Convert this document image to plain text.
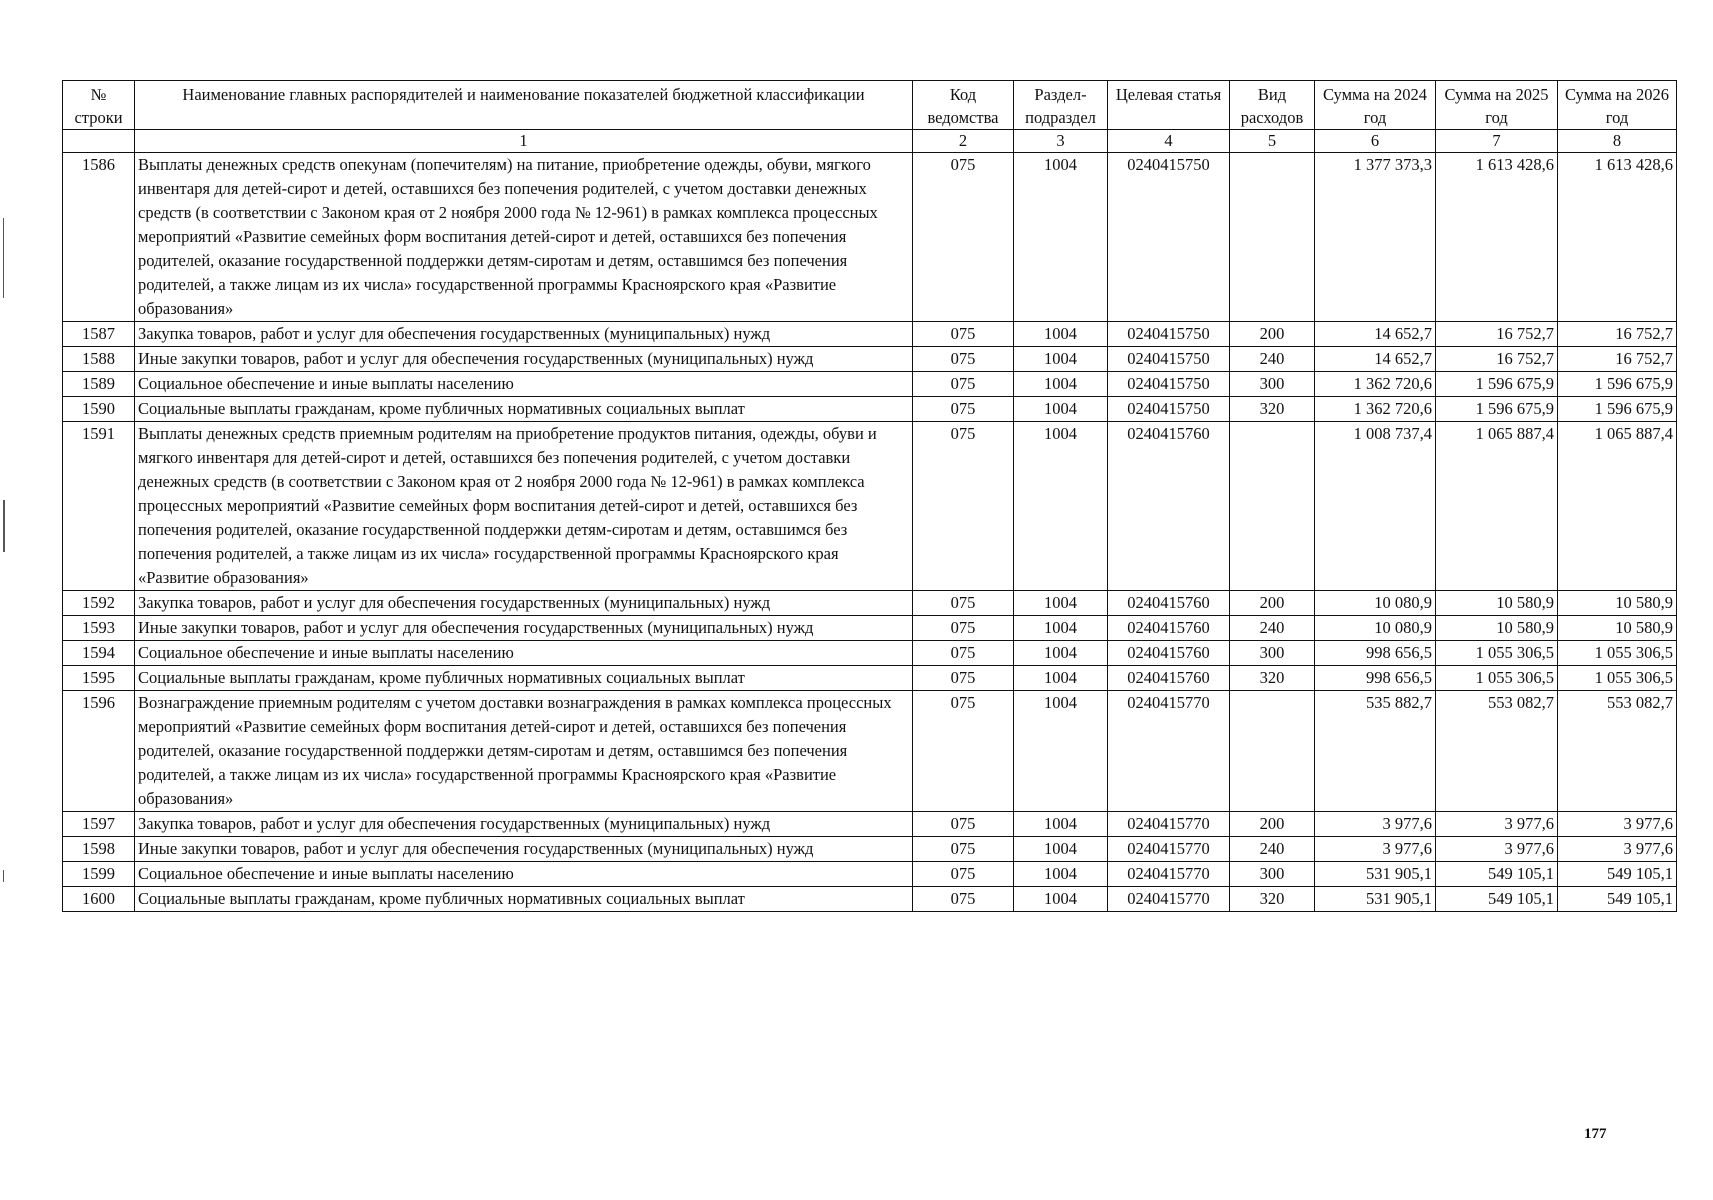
№ строки	Наименование главных распорядителей и наименование показателей бюджетной классификации	Код ведомства	Раздел-подраздел	Целевая статья	Вид расходов	Сумма на 2024 год	Сумма на 2025 год	Сумма на 2026 год
	1	2	3	4	5	6	7	8
1586	Выплаты денежных средств опекунам (попечителям) на питание, приобретение одежды, обуви, мягкого инвентаря для детей-сирот и детей, оставшихся без попечения родителей, с учетом доставки денежных средств (в соответствии с Законом края от 2 ноября 2000 года № 12-961) в рамках комплекса процессных мероприятий «Развитие семейных форм воспитания детей-сирот и детей, оставшихся без попечения родителей, оказание государственной поддержки детям-сиротам и детям, оставшимся без попечения родителей, а также лицам из их числа» государственной программы Красноярского края «Развитие образования»	075	1004	0240415750		1 377 373,3	1 613 428,6	1 613 428,6
1587	Закупка товаров, работ и услуг для обеспечения государственных (муниципальных) нужд	075	1004	0240415750	200	14 652,7	16 752,7	16 752,7
1588	Иные закупки товаров, работ и услуг для обеспечения государственных (муниципальных) нужд	075	1004	0240415750	240	14 652,7	16 752,7	16 752,7
1589	Социальное обеспечение и иные выплаты населению	075	1004	0240415750	300	1 362 720,6	1 596 675,9	1 596 675,9
1590	Социальные выплаты гражданам, кроме публичных нормативных социальных выплат	075	1004	0240415750	320	1 362 720,6	1 596 675,9	1 596 675,9
1591	Выплаты денежных средств приемным родителям на приобретение продуктов питания, одежды, обуви и мягкого инвентаря для детей-сирот и детей, оставшихся без попечения родителей, с учетом доставки денежных средств (в соответствии с Законом края от 2 ноября 2000 года № 12-961) в рамках комплекса процессных мероприятий «Развитие семейных форм воспитания детей-сирот и детей, оставшихся без попечения родителей, оказание государственной поддержки детям-сиротам и детям, оставшимся без попечения родителей, а также лицам из их числа» государственной программы Красноярского края «Развитие образования»	075	1004	0240415760		1 008 737,4	1 065 887,4	1 065 887,4
1592	Закупка товаров, работ и услуг для обеспечения государственных (муниципальных) нужд	075	1004	0240415760	200	10 080,9	10 580,9	10 580,9
1593	Иные закупки товаров, работ и услуг для обеспечения государственных (муниципальных) нужд	075	1004	0240415760	240	10 080,9	10 580,9	10 580,9
1594	Социальное обеспечение и иные выплаты населению	075	1004	0240415760	300	998 656,5	1 055 306,5	1 055 306,5
1595	Социальные выплаты гражданам, кроме публичных нормативных социальных выплат	075	1004	0240415760	320	998 656,5	1 055 306,5	1 055 306,5
1596	Вознаграждение приемным родителям с учетом доставки вознаграждения в рамках комплекса процессных мероприятий «Развитие семейных форм воспитания детей-сирот и детей, оставшихся без попечения родителей, оказание государственной поддержки детям-сиротам и детям, оставшимся без попечения родителей, а также лицам из их числа» государственной программы Красноярского края «Развитие образования»	075	1004	0240415770		535 882,7	553 082,7	553 082,7
1597	Закупка товаров, работ и услуг для обеспечения государственных (муниципальных) нужд	075	1004	0240415770	200	3 977,6	3 977,6	3 977,6
1598	Иные закупки товаров, работ и услуг для обеспечения государственных (муниципальных) нужд	075	1004	0240415770	240	3 977,6	3 977,6	3 977,6
1599	Социальное обеспечение и иные выплаты населению	075	1004	0240415770	300	531 905,1	549 105,1	549 105,1
1600	Социальные выплаты гражданам, кроме публичных нормативных социальных выплат	075	1004	0240415770	320	531 905,1	549 105,1	549 105,1
177
